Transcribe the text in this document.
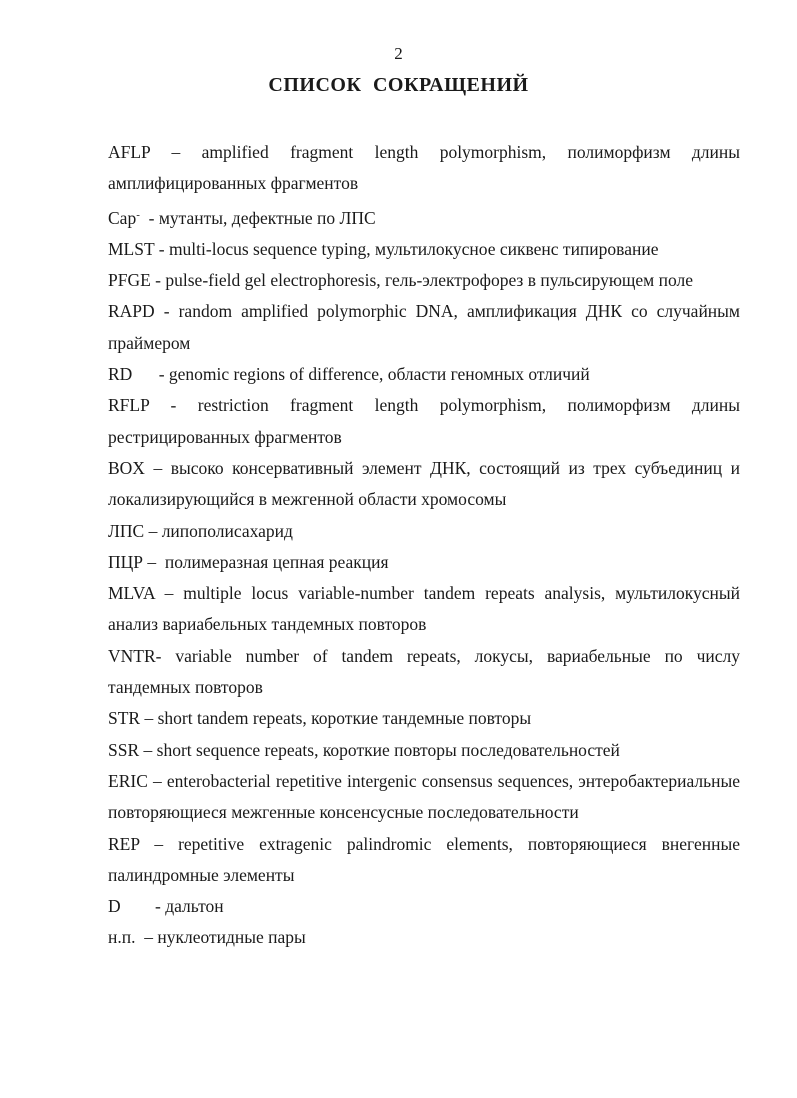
2
СПИСОК СОКРАЩЕНИЙ

AFLP – amplified fragment length polymorphism, полиморфизм длины амплифицированных фрагментов

Cap-  - мутанты, дефектные по ЛПС

MLST - multi-locus sequence typing, мультилокусное сиквенс типирование

PFGE - pulse-field gel electrophoresis, гель-электрофорез в пульсирующем поле

RAPD - random amplified polymorphic DNA, амплификация ДНК со случайным праймером

RD - genomic regions of difference, области геномных отличий

RFLP - restriction fragment length polymorphism, полиморфизм длины рестрицированных фрагментов

BOX – высоко консервативный элемент ДНК, состоящий из трех субъединиц и локализирующийся в межгенной области хромосомы

ЛПС – липополисахарид

ПЦР –  полимеразная цепная реакция

MLVA – multiple locus variable-number tandem repeats analysis, мультилокусный анализ вариабельных тандемных повторов

VNTR- variable number of tandem repeats, локусы, вариабельные по числу тандемных повторов

STR – short tandem repeats, короткие тандемные повторы

SSR – short sequence repeats, короткие повторы последовательностей

ERIC – enterobacterial repetitive intergenic consensus sequences, энтеробактериальные повторяющиеся межгенные консенсусные последовательности

REP – repetitive extragenic palindromic elements, повторяющиеся внегенные палиндромные элементы

D - дальтон

н.п.  – нуклеотидные пары
